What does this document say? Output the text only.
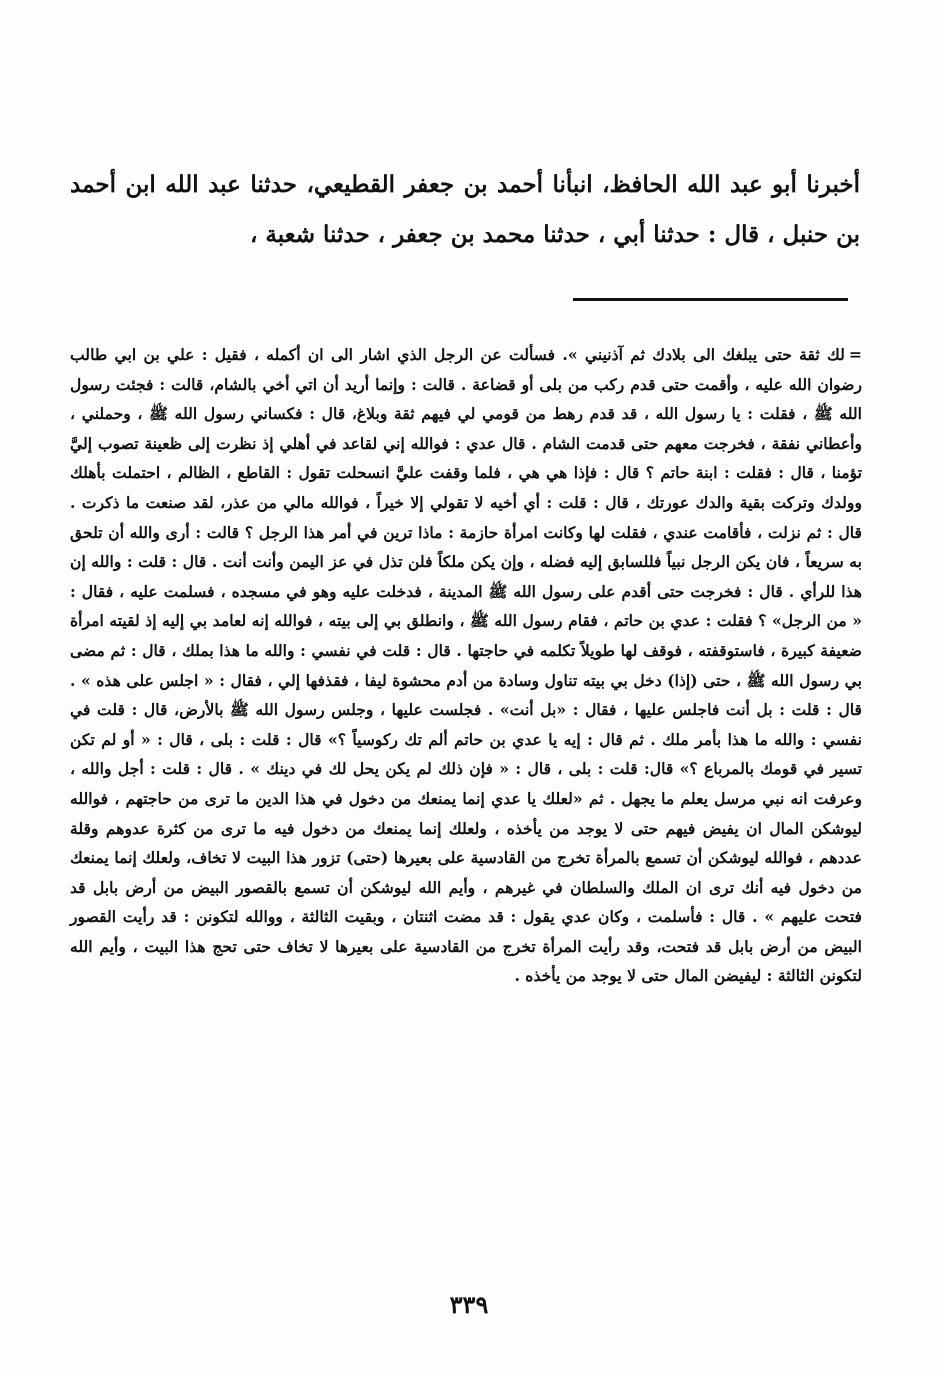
أخبرنا أبو عبد الله الحافظ، انبأنا أحمد بن جعفر القطيعي، حدثنا عبد الله ابن أحمد بن حنبل ، قال : حدثنا أبي ، حدثنا محمد بن جعفر ، حدثنا شعبة ،

=لك ثقة حتى يبلغك الى بلادك ثم آذنيني ». فسألت عن الرجل الذي اشار الى ان أكمله ، فقيل : علي بن ابي طالب رضوان الله عليه ، وأقمت حتى قدم ركب من بلى أو قضاعة . قالت : وإنما أريد أن اتي أخي بالشام، قالت : فجئت رسول الله ﷺ ، فقلت : يا رسول الله ، قد قدم رهط من قومي لي فيهم ثقة وبلاغ، قال : فكساني رسول الله ﷺ ، وحملني ، وأعطاني نفقة ، فخرجت معهم حتى قدمت الشام . قال عدي : فوالله إني لقاعد في أهلي إذ نظرت إلى ظعينة تصوب إليَّ تؤمنا ، قال : فقلت : ابنة حاتم ؟ قال : فإذا هي هي ، فلما وقفت عليَّ انسحلت تقول : القاطع ، الظالم ، احتملت بأهلك وولدك وتركت بقية والدك عورتك ، قال : قلت : أي أخيه لا تقولي إلا خيراً ، فوالله مالي من عذر، لقد صنعت ما ذكرت . قال : ثم نزلت ، فأقامت عندي ، فقلت لها وكانت امرأة حازمة : ماذا ترين في أمر هذا الرجل ؟ قالت : أرى والله أن تلحق به سريعاً ، فان يكن الرجل نبياً فللسابق إليه فضله ، وإن يكن ملكاً فلن تذل في عز اليمن وأنت أنت . قال : قلت : والله إن هذا للرأي . قال : فخرجت حتى أقدم على رسول الله ﷺ المدينة ، فدخلت عليه وهو في مسجده ، فسلمت عليه ، فقال : « من الرجل» ؟ فقلت : عدي بن حاتم ، فقام رسول الله ﷺ ، وانطلق بي إلى بيته ، فوالله إنه لعامد بي إليه إذ لقيته امرأة ضعيفة كبيرة ، فاستوقفته ، فوقف لها طويلاً تكلمه في حاجتها . قال : قلت في نفسي : والله ما هذا بملك ، قال : ثم مضى بي رسول الله ﷺ ، حتى (إذا) دخل بي بيته تناول وسادة من أدم محشوة ليفا ، فقذفها إلي ، فقال : « اجلس على هذه » . قال : قلت : بل أنت فاجلس عليها ، فقال : «بل أنت» . فجلست عليها ، وجلس رسول الله ﷺ بالأرض، قال : قلت في نفسي : والله ما هذا بأمر ملك . ثم قال : إيه يا عدي بن حاتم ألم تك ركوسياً ؟» قال : قلت : بلى ، قال : « أو لم تكن تسير في قومك بالمرباع ؟» قال: قلت : بلى ، قال : « فإن ذلك لم يكن يحل لك في دينك » . قال : قلت : أجل والله ، وعرفت انه نبي مرسل يعلم ما يجهل . ثم «لعلك يا عدي إنما يمنعك من دخول في هذا الدين ما ترى من حاجتهم ، فوالله ليوشكن المال ان يفيض فيهم حتى لا يوجد من يأخذه ، ولعلك إنما يمنعك من دخول فيه ما ترى من كثرة عدوهم وقلة عددهم ، فوالله ليوشكن أن تسمع بالمرأة تخرج من القادسية على بعيرها (حتى) تزور هذا البيت لا تخاف، ولعلك إنما يمنعك من دخول فيه أنك ترى ان الملك والسلطان في غيرهم ، وأيم الله ليوشكن أن تسمع بالقصور البيض من أرض بابل قد فتحت عليهم » . قال : فأسلمت ، وكان عدي يقول : قد مضت اثنتان ، وبقيت الثالثة ، ووالله لتكونن : قد رأيت القصور البيض من أرض بابل قد فتحت، وقد رأيت المرأة تخرج من القادسية على بعيرها لا تخاف حتى تحج هذا البيت ، وأيم الله لتكونن الثالثة : ليفيضن المال حتى لا يوجد من يأخذه .

٣٣٩
